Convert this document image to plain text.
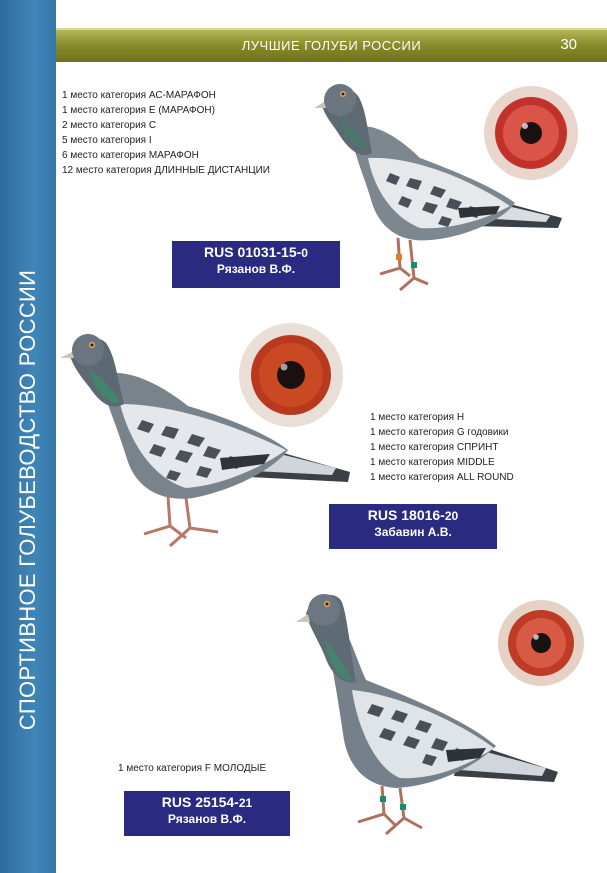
СПОРТИВНОЕ ГОЛУБЕВОДСТВО РОССИИ
ЛУЧШИЕ ГОЛУБИ РОССИИ	30
1 место категория АС-МАРАФОН
1 место категория Е (МАРАФОН)
2 место категория С
5 место категория I
6 место категория МАРАФОН
12 место категория ДЛИННЫЕ ДИСТАНЦИИ
RUS 01031-15-0
Рязанов В.Ф.
1 место категория H
1 место категория G годовики
1 место категория СПРИНТ
1 место категория MIDDLE
1 место категория ALL ROUND
RUS 18016-20
Забавин А.В.
1 место категория F МОЛОДЫЕ
RUS 25154-21
Рязанов В.Ф.
